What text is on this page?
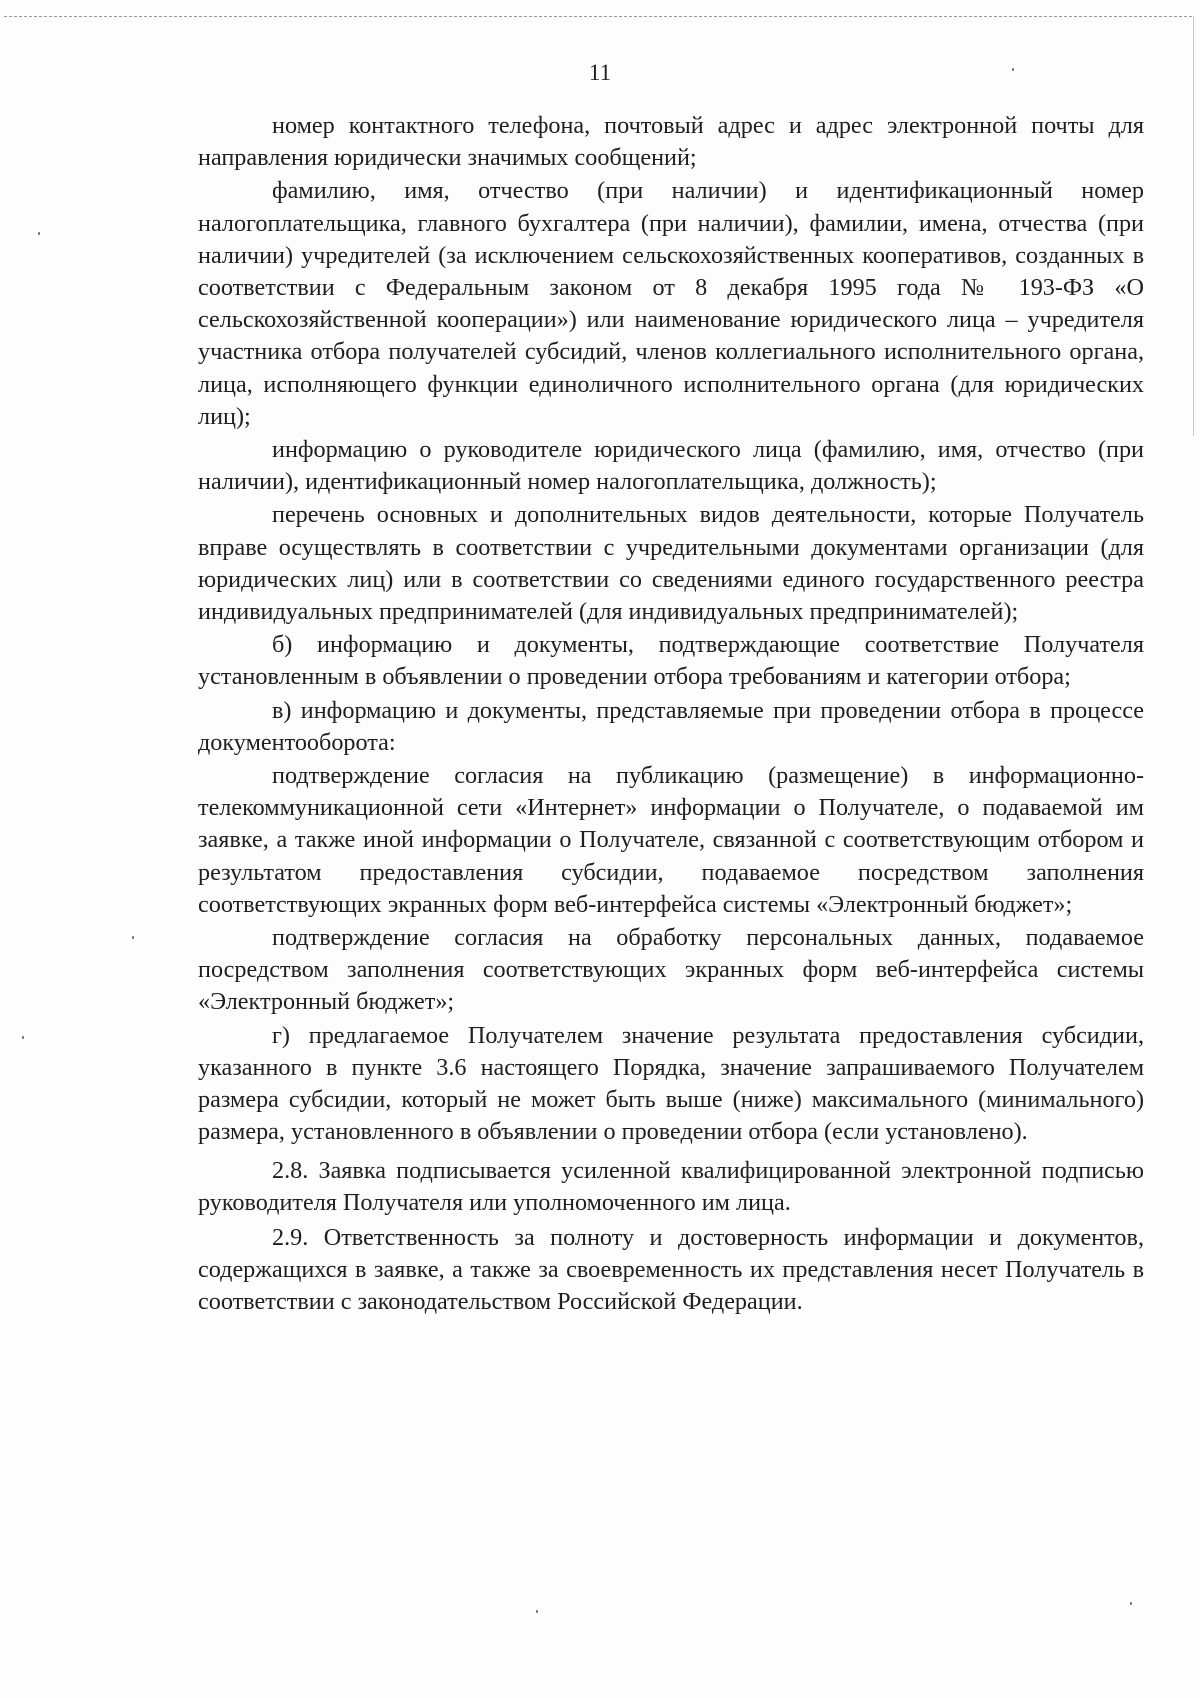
11

номер контактного телефона, почтовый адрес и адрес электронной почты для направления юридически значимых сообщений;

фамилию, имя, отчество (при наличии) и идентификационный номер налогоплательщика, главного бухгалтера (при наличии), фамилии, имена, отчества (при наличии) учредителей (за исключением сельскохозяйственных кооперативов, созданных в соответствии с Федеральным законом от 8 декабря 1995 года № 193-ФЗ «О сельскохозяйственной кооперации») или наименование юридического лица – учредителя участника отбора получателей субсидий, членов коллегиального исполнительного органа, лица, исполняющего функции единоличного исполнительного органа (для юридических лиц);

информацию о руководителе юридического лица (фамилию, имя, отчество (при наличии), идентификационный номер налогоплательщика, должность);

перечень основных и дополнительных видов деятельности, которые Получатель вправе осуществлять в соответствии с учредительными документами организации (для юридических лиц) или в соответствии со сведениями единого государственного реестра индивидуальных предпринимателей (для индивидуальных предпринимателей);

б) информацию и документы, подтверждающие соответствие Получателя установленным в объявлении о проведении отбора требованиям и категории отбора;

в) информацию и документы, представляемые при проведении отбора в процессе документооборота:

подтверждение согласия на публикацию (размещение) в информационно-телекоммуникационной сети «Интернет» информации о Получателе, о подаваемой им заявке, а также иной информации о Получателе, связанной с соответствующим отбором и результатом предоставления субсидии, подаваемое посредством заполнения соответствующих экранных форм веб-интерфейса системы «Электронный бюджет»;

подтверждение согласия на обработку персональных данных, подаваемое посредством заполнения соответствующих экранных форм веб-интерфейса системы «Электронный бюджет»;

г) предлагаемое Получателем значение результата предоставления субсидии, указанного в пункте 3.6 настоящего Порядка, значение запрашиваемого Получателем размера субсидии, который не может быть выше (ниже) максимального (минимального) размера, установленного в объявлении о проведении отбора (если установлено).

2.8. Заявка подписывается усиленной квалифицированной электронной подписью руководителя Получателя или уполномоченного им лица.

2.9. Ответственность за полноту и достоверность информации и документов, содержащихся в заявке, а также за своевременность их представления несет Получатель в соответствии с законодательством Российской Федерации.
